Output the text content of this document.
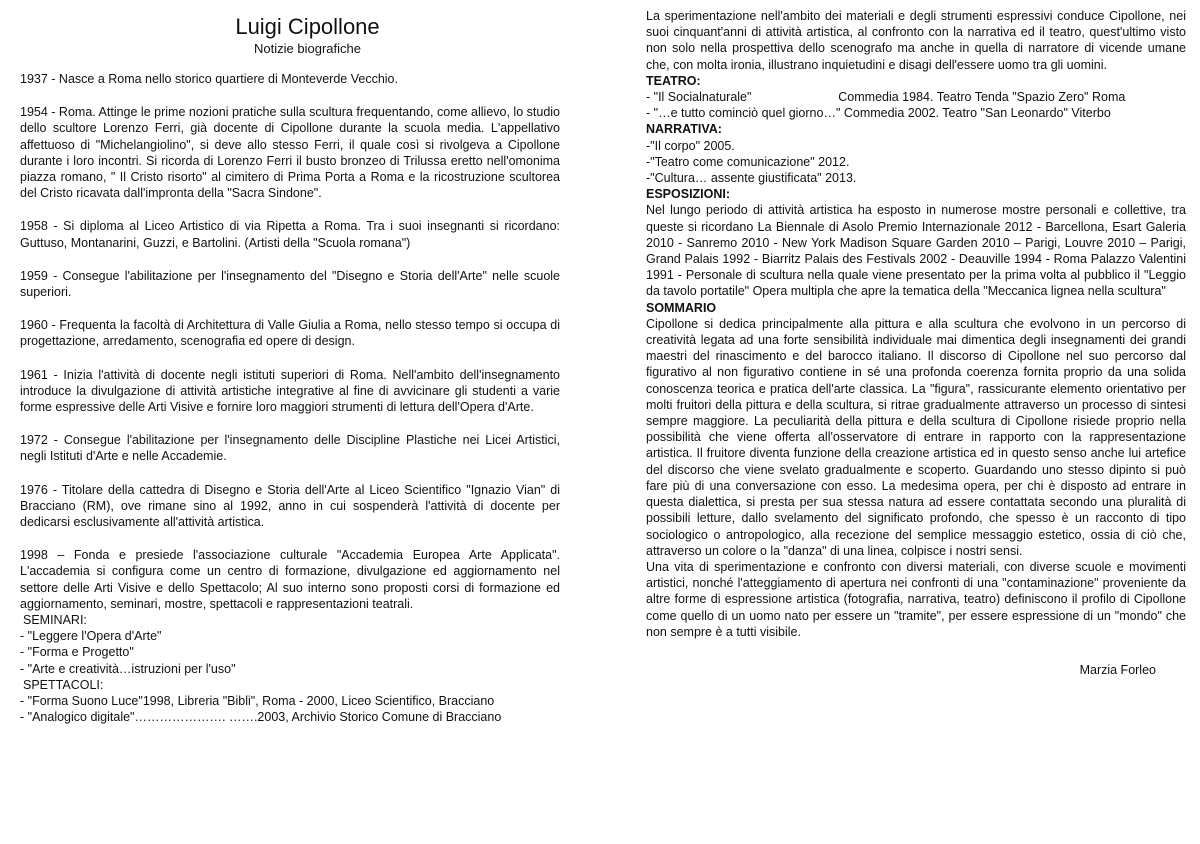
Luigi Cipollone
Notizie biografiche

1937 - Nasce a Roma nello storico quartiere di Monteverde Vecchio.

1954 - Roma. Attinge le prime nozioni pratiche sulla scultura frequentando, come allievo, lo studio dello scultore Lorenzo Ferri, già docente di Cipollone durante la scuola media. L'appellativo affettuoso di "Michelangiolino", si deve allo stesso Ferri, il quale così si rivolgeva a Cipollone durante i loro incontri. Si ricorda di Lorenzo Ferri il busto bronzeo di Trilussa eretto nell'omonima piazza romano, " Il Cristo risorto" al cimitero di Prima Porta a Roma e la ricostruzione scultorea del Cristo ricavata dall'impronta della "Sacra Sindone".

1958 - Si diploma al Liceo Artistico di via Ripetta a Roma. Tra i suoi insegnanti si ricordano: Guttuso, Montanarini, Guzzi, e Bartolini. (Artisti della "Scuola romana")

1959 - Consegue l'abilitazione per l'insegnamento del "Disegno e Storia dell'Arte" nelle scuole superiori.

1960 - Frequenta la facoltà di Architettura di Valle Giulia a Roma, nello stesso tempo si occupa di progettazione, arredamento, scenografia ed opere di design.

1961 - Inizia l'attività di docente negli istituti superiori di Roma. Nell'ambito dell'insegnamento introduce la divulgazione di attività artistiche integrative al fine di avvicinare gli studenti a varie forme espressive delle Arti Visive e fornire loro maggiori strumenti di lettura dell'Opera d'Arte.

1972 - Consegue l'abilitazione per l'insegnamento delle Discipline Plastiche nei Licei Artistici, negli Istituti d'Arte e nelle Accademie.

1976 - Titolare della cattedra di Disegno e Storia dell'Arte al Liceo Scientifico "Ignazio Vian" di Bracciano (RM), ove rimane sino al 1992, anno in cui sospenderà l'attività di docente per dedicarsi esclusivamente all'attività artistica.

1998 – Fonda e presiede l'associazione culturale "Accademia Europea Arte Applicata". L'accademia si configura come un centro di formazione, divulgazione ed aggiornamento nel settore delle Arti Visive e dello Spettacolo; Al suo interno sono proposti corsi di formazione ed aggiornamento, seminari, mostre, spettacoli e rappresentazioni teatrali.

SEMINARI:

- "Leggere l'Opera d'Arte"

- "Forma e Progetto"

- "Arte e creatività…istruzioni per l'uso"

SPETTACOLI:

- "Forma Suono Luce"1998, Libreria "Bibli", Roma - 2000, Liceo Scientifico, Bracciano

- "Analogico digitale"…………………. …….2003, Archivio Storico Comune di Bracciano

La sperimentazione nell'ambito dei materiali e degli strumenti espressivi conduce Cipollone, nei suoi cinquant'anni di attività artistica, al confronto con la narrativa ed il teatro, quest'ultimo visto non solo nella prospettiva dello scenografo ma anche in quella di narratore di vicende umane che, con molta ironia, illustrano inquietudini e disagi dell'essere uomo tra gli uomini.

TEATRO:

- "Il Socialnaturale"                         Commedia 1984. Teatro Tenda "Spazio Zero" Roma

- "…e tutto cominciò quel giorno…" Commedia 2002. Teatro "San Leonardo" Viterbo

NARRATIVA:

-"Il corpo" 2005.

-"Teatro come comunicazione" 2012.

-"Cultura… assente giustificata" 2013.

ESPOSIZIONI:

Nel lungo periodo di attività artistica ha esposto in numerose mostre personali e collettive, tra queste si ricordano La Biennale di Asolo Premio Internazionale 2012 - Barcellona, Esart Galeria 2010 - Sanremo 2010 - New York Madison Square Garden 2010 – Parigi, Louvre 2010 – Parigi, Grand Palais 1992 - Biarritz Palais des Festivals 2002 - Deauville 1994 - Roma Palazzo Valentini 1991 - Personale di scultura nella quale viene presentato per la prima volta al pubblico il "Leggio da tavolo portatile" Opera multipla che apre la tematica della "Meccanica lignea nella scultura"

SOMMARIO

Cipollone si dedica principalmente alla pittura e alla scultura che evolvono in un percorso di creatività legata ad una forte sensibilità individuale mai dimentica degli insegnamenti dei grandi maestri del rinascimento e del barocco italiano. Il discorso di Cipollone nel suo percorso dal figurativo al non figurativo contiene in sé una profonda coerenza fornita proprio da una solida conoscenza teorica e pratica dell'arte classica. La "figura", rassicurante elemento orientativo per molti fruitori della pittura e della scultura, si ritrae gradualmente attraverso un processo di sintesi sempre maggiore. La peculiarità della pittura e della scultura di Cipollone risiede proprio nella possibilità che viene offerta all'osservatore di entrare in rapporto con la rappresentazione artistica. Il fruitore diventa funzione della creazione artistica ed in questo senso anche lui artefice del discorso che viene svelato gradualmente e scoperto. Guardando uno stesso dipinto si può fare più di una conversazione con esso. La medesima opera, per chi è disposto ad entrare in questa dialettica, si presta per sua stessa natura ad essere contattata secondo una pluralità di possibili letture, dallo svelamento del significato profondo, che spesso è un racconto di tipo sociologico o antropologico, alla recezione del semplice messaggio estetico, ossia di ciò che, attraverso un colore o la "danza" di una linea, colpisce i nostri sensi.

Una vita di sperimentazione e confronto con diversi materiali, con diverse scuole e movimenti artistici, nonché l'atteggiamento di apertura nei confronti di una "contaminazione" proveniente da altre forme di espressione artistica (fotografia, narrativa, teatro) definiscono il profilo di Cipollone come quello di un uomo nato per essere un "tramite", per essere espressione di un "mondo" che non sempre è a tutti visibile.

Marzia Forleo
